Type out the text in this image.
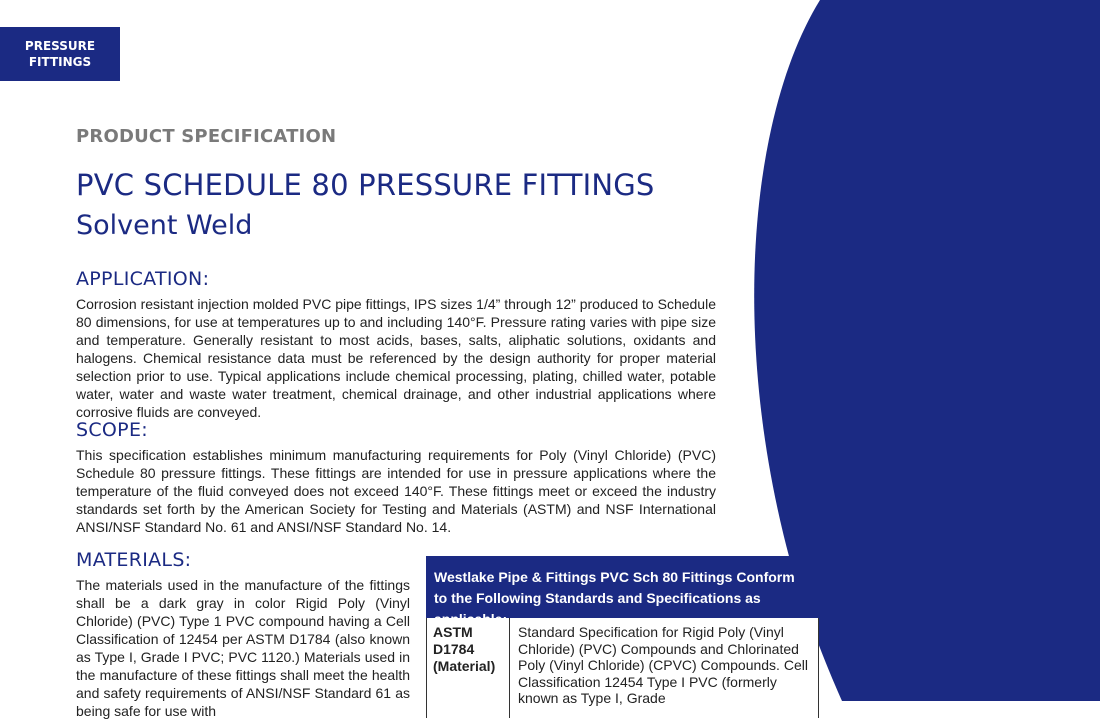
PRESSURE
FITTINGS
PRODUCT SPECIFICATION
PVC SCHEDULE 80 PRESSURE FITTINGS
Solvent Weld
APPLICATION:
Corrosion resistant injection molded PVC pipe fittings, IPS sizes 1/4” through 12” produced to Schedule 80 dimensions, for use at temperatures up to and including 140°F. Pressure rating varies with pipe size and temperature. Generally resistant to most acids, bases, salts, aliphatic solutions, oxidants and halogens. Chemical resistance data must be referenced by the design authority for proper material selection prior to use. Typical applications include chemical processing, plating, chilled water, potable water, water and waste water treatment, chemical drainage, and other industrial applications where corrosive fluids are conveyed.
SCOPE:
This specification establishes minimum manufacturing requirements for Poly (Vinyl Chloride) (PVC) Schedule 80 pressure fittings. These fittings are intended for use in pressure applications where the temperature of the fluid conveyed does not exceed 140°F. These fittings meet or exceed the industry standards set forth by the American Society for Testing and Materials (ASTM) and NSF International ANSI/NSF Standard No. 61 and ANSI/NSF Standard No. 14.
MATERIALS:
The materials used in the manufacture of the fittings shall be a dark gray in color Rigid Poly (Vinyl Chloride) (PVC) Type 1 PVC compound having a Cell Classification of 12454 per ASTM D1784 (also known as Type I, Grade I PVC; PVC 1120.) Materials used in the manufacture of these fittings shall meet the health and safety requirements of ANSI/NSF Standard 61 as being safe for use with
Westlake Pipe & Fittings PVC Sch 80 Fittings Conform to the Following Standards and Specifications as applicable:
ASTM D1784 (Material)
Standard Specification for Rigid Poly (Vinyl Chloride) (PVC) Compounds and Chlorinated Poly (Vinyl Chloride) (CPVC) Compounds. Cell Classification 12454 Type I PVC (formerly known as Type I, Grade
